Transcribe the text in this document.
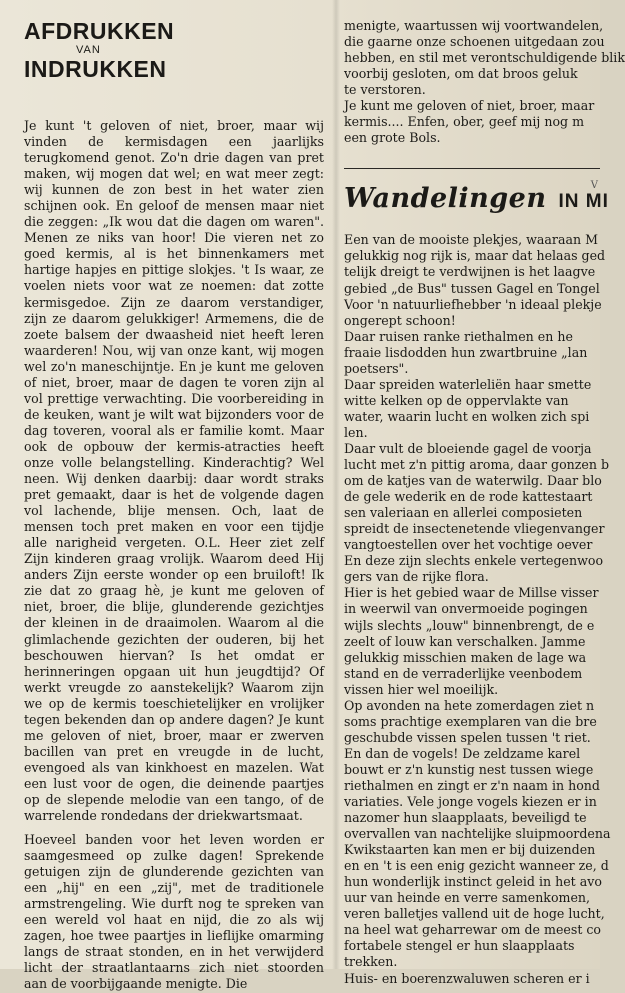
AFDRUKKEN
VAN
INDRUKKEN

Je kunt 't geloven of niet, broer, maar wij vinden de kermisdagen een jaarlijks terugkomend genot. Zo'n drie dagen van pret maken, wij mogen dat wel; en wat meer zegt: wij kunnen de zon best in het water zien schijnen ook. En geloof de mensen maar niet die zeggen: „Ik wou dat die dagen om waren". Menen ze niks van hoor! Die vieren net zo goed kermis, al is het binnenkamers met hartige hapjes en pittige slokjes. 't Is waar, ze voelen niets voor wat ze noemen: dat zotte kermisgedoe. Zijn ze daarom verstandiger, zijn ze daarom gelukkiger! Armemens, die de zoete balsem der dwaasheid niet heeft leren waarderen! Nou, wij van onze kant, wij mogen wel zo'n maneschijntje. En je kunt me geloven of niet, broer, maar de dagen te voren zijn al vol prettige verwachting. Die voorbereiding in de keuken, want je wilt wat bijzonders voor de dag toveren, vooral als er familie komt. Maar ook de opbouw der kermis-atracties heeft onze volle belangstelling. Kinderachtig? Wel neen. Wij denken daarbij: daar wordt straks pret gemaakt, daar is het de volgende dagen vol lachende, blije mensen. Och, laat de mensen toch pret maken en voor een tijdje alle narigheid vergeten. O.L. Heer ziet zelf Zijn kinderen graag vrolijk. Waarom deed Hij anders Zijn eerste wonder op een bruiloft! Ik zie dat zo graag hè, je kunt me geloven of niet, broer, die blije, glunderende gezichtjes der kleinen in de draaimolen. Waarom al die glimlachende gezichten der ouderen, bij het beschouwen hiervan? Is het omdat er herinneringen opgaan uit hun jeugdtijd? Of werkt vreugde zo aanstekelijk? Waarom zijn we op de kermis toeschietelijker en vrolijker tegen bekenden dan op andere dagen? Je kunt me geloven of niet, broer, maar er zwerven bacillen van pret en vreugde in de lucht, evengoed als van kinkhoest en mazelen. Wat een lust voor de ogen, die deinende paartjes op de slepende melodie van een tango, of de warrelende rondedans der driekwartsmaat.

Hoeveel banden voor het leven worden er saamgesmeed op zulke dagen! Sprekende getuigen zijn de glunderende gezichten van een „hij" en een „zij", met de traditionele armstrengeling. Wie durft nog te spreken van een wereld vol haat en nijd, die zo als wij zagen, hoe twee paartjes in lieflijke omarming langs de straat stonden, en in het verwijderd licht der straatlantaarns zich niet stoorden aan de voorbijgaande menigte. Die

menigte, waartussen wij voortwandelen,
die gaarne onze schoenen uitgedaan zou
hebben, en stil met verontschuldigende blik
voorbij gesloten, om dat broos geluk
te verstoren.
Je kunt me geloven of niet, broer, maar
kermis.... Enfen, ober, geef mij nog m
een grote Bols.

V
Wandelingen IN MI
Een van de mooiste plekjes, waaraan M
gelukkig nog rijk is, maar dat helaas ged
telijk dreigt te verdwijnen is het laagve
gebied „de Bus" tussen Gagel en Tongel
Voor 'n natuurliefhebber 'n ideaal plekje
ongerept schoon!
Daar ruisen ranke riethalmen en he
fraaie lisdodden hun zwartbruine „lan
poetsers".
Daar spreiden waterleliën haar smette
witte kelken op de oppervlakte van
water, waarin lucht en wolken zich spi
len.
Daar vult de bloeiende gagel de voorja
lucht met z'n pittig aroma, daar gonzen b
om de katjes van de waterwilg. Daar blo
de gele wederik en de rode kattestaart
sen valeriaan en allerlei composieten
spreidt de insectenetende vliegenvanger
vangtoestellen over het vochtige oever
En deze zijn slechts enkele vertegenwoo
gers van de rijke flora.
Hier is het gebied waar de Millse visser
in weerwil van onvermoeide pogingen
wijls slechts „louw" binnenbrengt, de e
zeelt of louw kan verschalken. Jamme
gelukkig misschien maken de lage wa
stand en de verraderlijke veenbodem
vissen hier wel moeilijk.
Op avonden na hete zomerdagen ziet n
soms prachtige exemplaren van die bre
geschubde vissen spelen tussen 't riet.
En dan de vogels! De zeldzame karel
bouwt er z'n kunstig nest tussen wiege
riethalmen en zingt er z'n naam in hond
variaties. Vele jonge vogels kiezen er in
nazomer hun slaapplaats, beveiligd te
overvallen van nachtelijke sluipmoordena
Kwikstaarten kan men er bij duizenden
en en 't is een enig gezicht wanneer ze, d
hun wonderlijk instinct geleid in het avo
uur van heinde en verre samenkomen,
veren balletjes vallend uit de hoge lucht,
na heel wat geharrewar om de meest co
fortabele stengel er hun slaapplaats
trekken.
Huis- en boerenzwaluwen scheren er i
